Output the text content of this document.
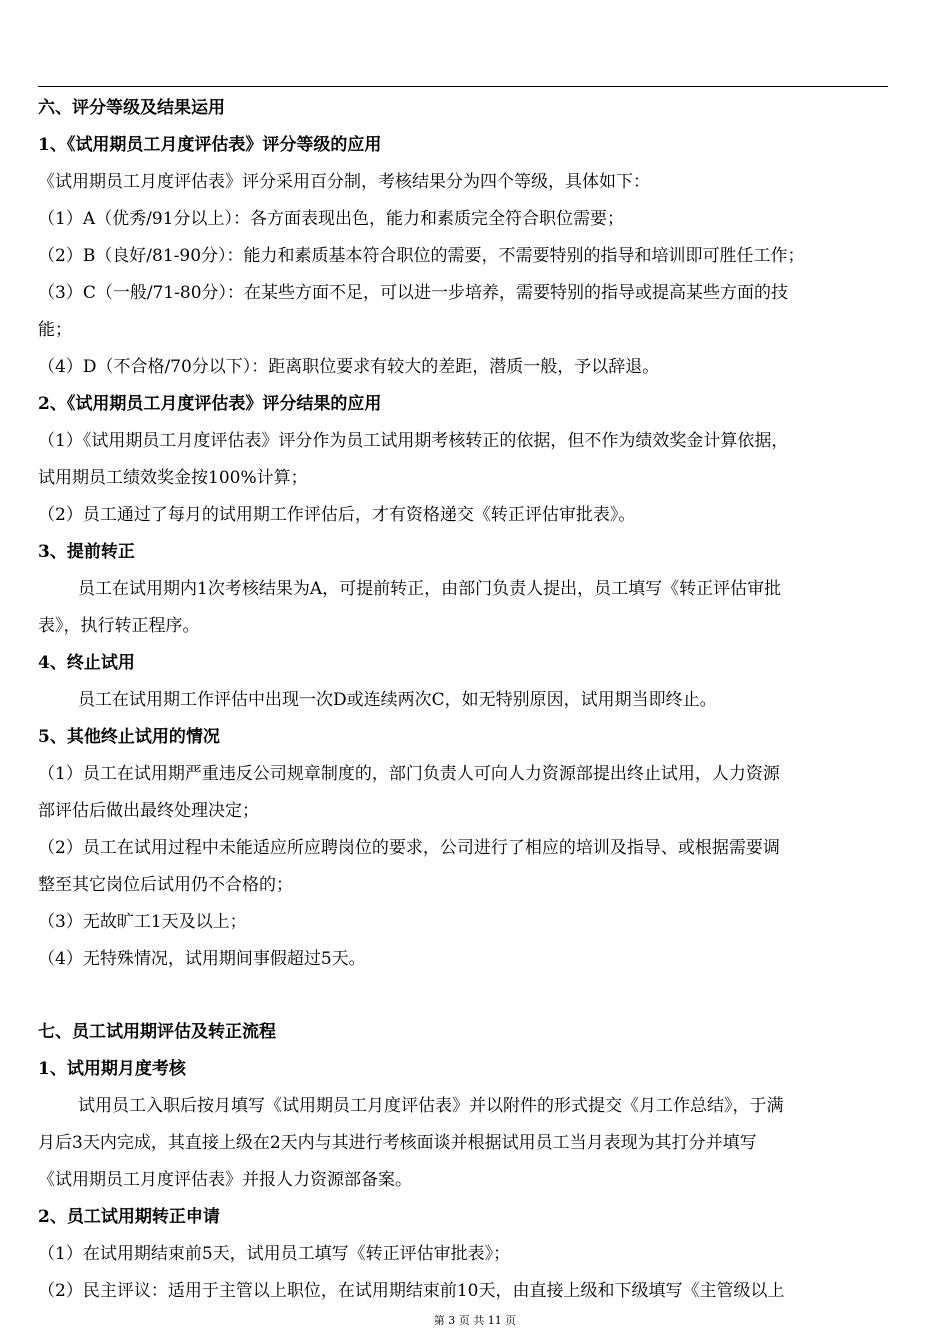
六、评分等级及结果运用
1、《试用期员工月度评估表》评分等级的应用
《试用期员工月度评估表》评分采用百分制，考核结果分为四个等级，具体如下：
（1）A（优秀/91分以上）：各方面表现出色，能力和素质完全符合职位需要；
（2）B（良好/81-90分）：能力和素质基本符合职位的需要，不需要特别的指导和培训即可胜任工作；
（3）C（一般/71-80分）：在某些方面不足，可以进一步培养，需要特别的指导或提高某些方面的技
能；
（4）D（不合格/70分以下）：距离职位要求有较大的差距，潜质一般，予以辞退。
2、《试用期员工月度评估表》评分结果的应用
（1）《试用期员工月度评估表》评分作为员工试用期考核转正的依据，但不作为绩效奖金计算依据，
试用期员工绩效奖金按100%计算；
（2）员工通过了每月的试用期工作评估后，才有资格递交《转正评估审批表》。
3、提前转正
员工在试用期内1次考核结果为A，可提前转正，由部门负责人提出，员工填写《转正评估审批
表》，执行转正程序。
4、终止试用
员工在试用期工作评估中出现一次D或连续两次C，如无特别原因，试用期当即终止。
5、其他终止试用的情况
（1）员工在试用期严重违反公司规章制度的，部门负责人可向人力资源部提出终止试用，人力资源
部评估后做出最终处理决定；
（2）员工在试用过程中未能适应所应聘岗位的要求，公司进行了相应的培训及指导、或根据需要调
整至其它岗位后试用仍不合格的；
（3）无故旷工1天及以上；
（4）无特殊情况，试用期间事假超过5天。
七、员工试用期评估及转正流程
1、试用期月度考核
试用员工入职后按月填写《试用期员工月度评估表》并以附件的形式提交《月工作总结》，于满
月后3天内完成，其直接上级在2天内与其进行考核面谈并根据试用员工当月表现为其打分并填写
《试用期员工月度评估表》并报人力资源部备案。
2、员工试用期转正申请
（1）在试用期结束前5天，试用员工填写《转正评估审批表》；
（2）民主评议：适用于主管以上职位，在试用期结束前10天，由直接上级和下级填写《主管级以上
第 3 页 共 11 页
